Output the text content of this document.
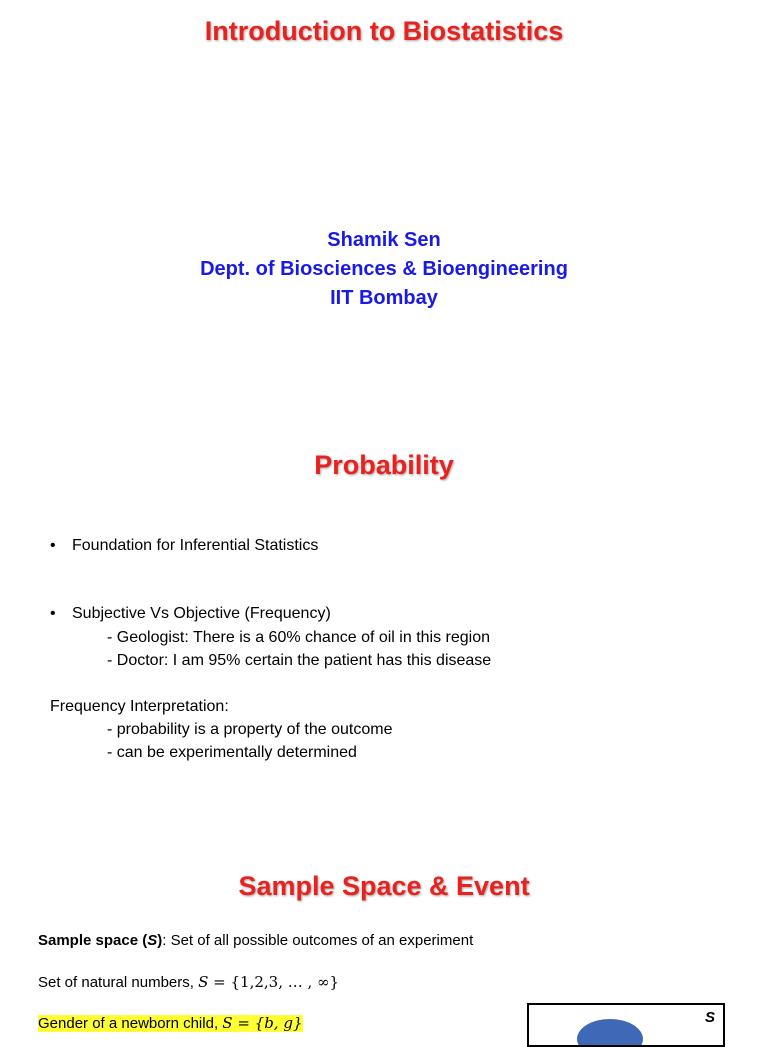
Introduction to Biostatistics
Shamik Sen
Dept. of Biosciences & Bioengineering
IIT Bombay
Probability
• Foundation for Inferential Statistics
• Subjective Vs Objective (Frequency)
- Geologist: There is a 60% chance of oil in this region
- Doctor: I am 95% certain the patient has this disease
Frequency Interpretation:
- probability is a property of the outcome
- can be experimentally determined
Sample Space & Event
Sample space (S): Set of all possible outcomes of an experiment
Set of natural numbers, S = {1,2,3, … , ∞}
Gender of a newborn child, S = {b, g}	S
